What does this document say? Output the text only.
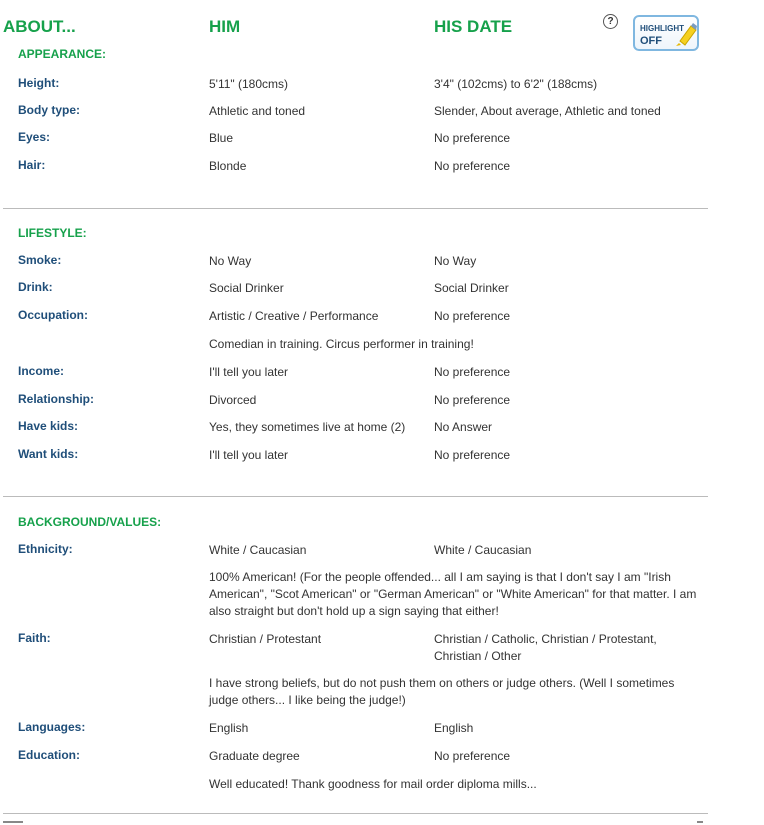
ABOUT...	HIM	HIS DATE	?
HIGHLIGHT
OFF
APPEARANCE:
Height:	5'11" (180cms)	3'4" (102cms) to 6'2" (188cms)
Body type:	Athletic and toned	Slender, About average, Athletic and toned
Eyes:	Blue	No preference
Hair:	Blonde	No preference
LIFESTYLE:
Smoke:	No Way	No Way
Drink:	Social Drinker	Social Drinker
Occupation:	Artistic / Creative / Performance	No preference
Comedian in training. Circus performer in training!
Income:	I'll tell you later	No preference
Relationship:	Divorced	No preference
Have kids:	Yes, they sometimes live at home (2)	No Answer
Want kids:	I'll tell you later	No preference
BACKGROUND/VALUES:
Ethnicity:	White / Caucasian	White / Caucasian
100% American! (For the people offended... all I am saying is that I don't say I am "Irish American", "Scot American" or "German American" or "White American" for that matter. I am also straight but don't hold up a sign saying that either!
Faith:	Christian / Protestant	Christian / Catholic, Christian / Protestant, Christian / Other
I have strong beliefs, but do not push them on others or judge others. (Well I sometimes judge others... I like being the judge!)
Languages:	English	English
Education:	Graduate degree	No preference
Well educated! Thank goodness for mail order diploma mills...
